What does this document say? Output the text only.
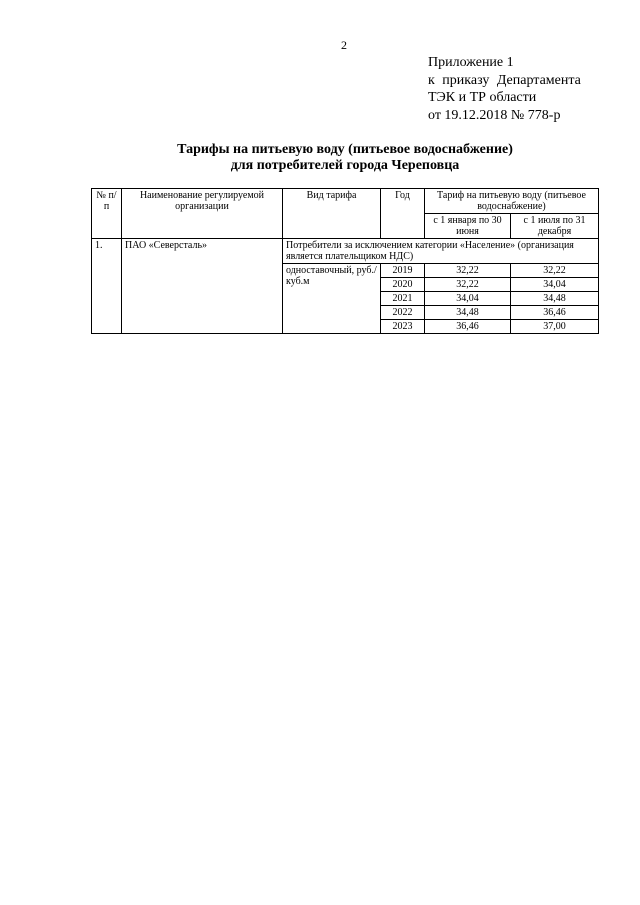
2
Приложение 1
к приказу Департамента
ТЭК и ТР области
от 19.12.2018 № 778-р
Тарифы на питьевую воду (питьевое водоснабжение)
для потребителей города Череповца
№ п/п	Наименование регулируемой организации	Вид тарифа	Год	Тариф на питьевую воду (питьевое водоснабжение)	
				с 1 января по 30 июня	с 1 июля по 31 декабря
1.	ПАО «Северсталь»	Потребители за исключением категории «Население» (организация является плательщиком НДС)			
		одноставочный, руб./куб.м	2019	32,22	32,22
			2020	32,22	34,04
			2021	34,04	34,48
			2022	34,48	36,46
			2023	36,46	37,00
